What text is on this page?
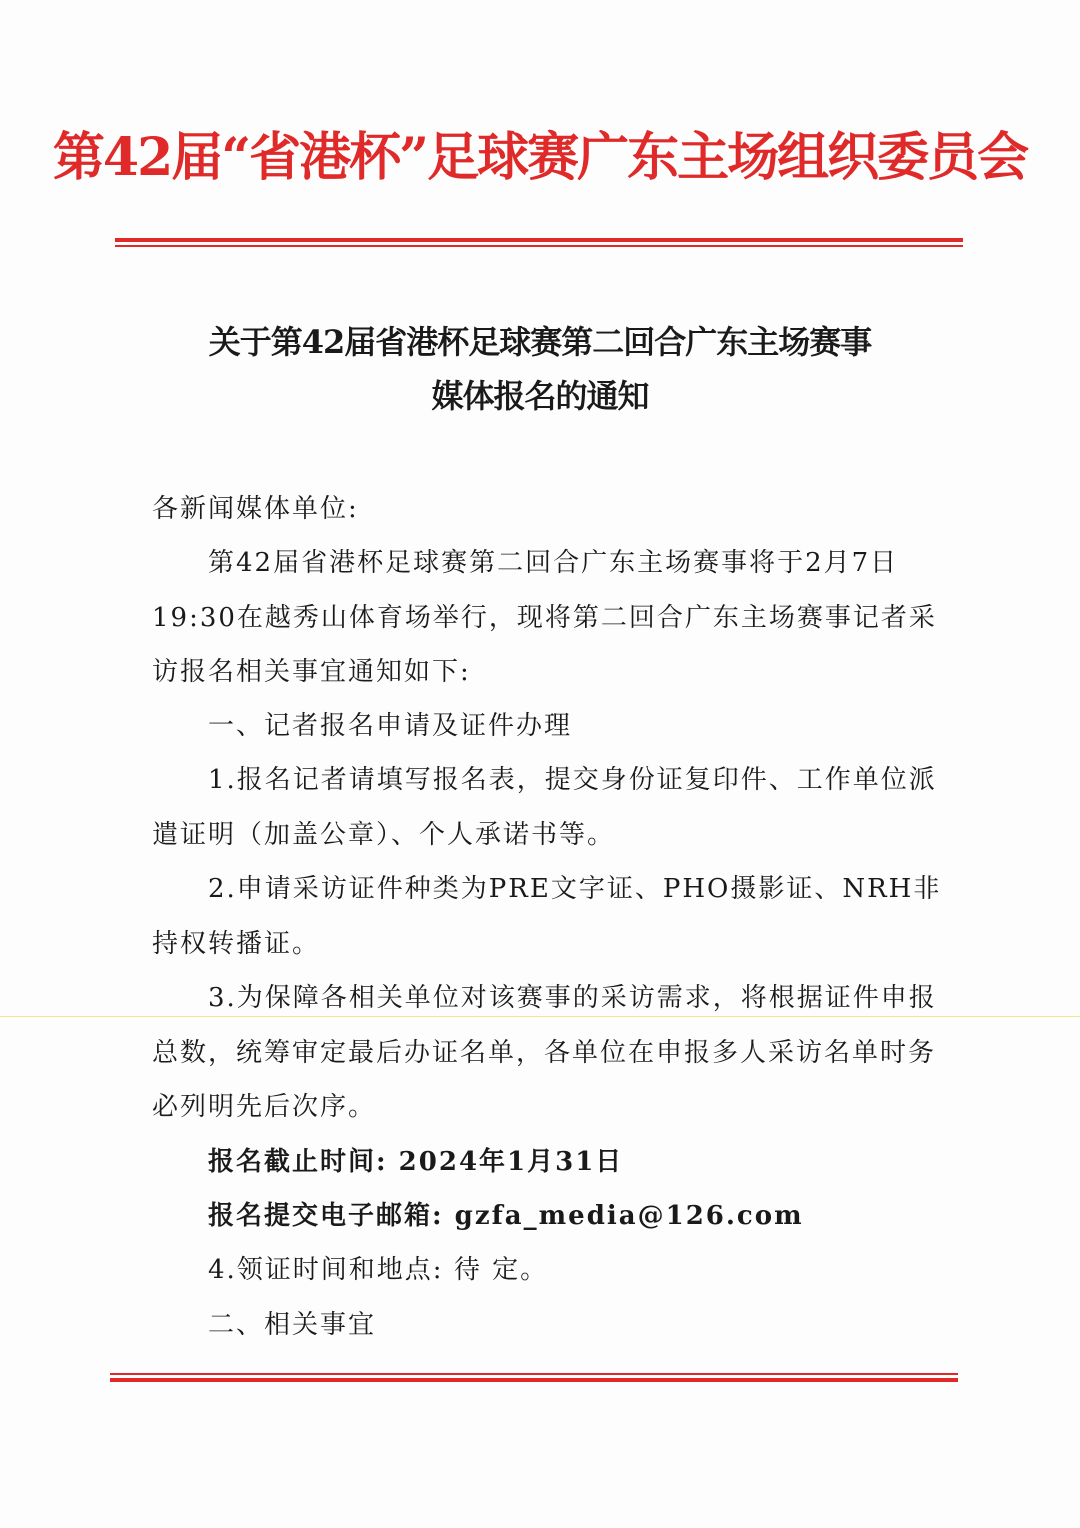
第42届“省港杯”足球赛广东主场组织委员会
关于第42届省港杯足球赛第二回合广东主场赛事
媒体报名的通知
各新闻媒体单位:
第42届省港杯足球赛第二回合广东主场赛事将于2月7日
19:30在越秀山体育场举行，现将第二回合广东主场赛事记者采
访报名相关事宜通知如下:
一、记者报名申请及证件办理
1.报名记者请填写报名表，提交身份证复印件、工作单位派
遣证明（加盖公章）、个人承诺书等。
2.申请采访证件种类为PRE文字证、PHO摄影证、NRH非
持权转播证。
3.为保障各相关单位对该赛事的采访需求，将根据证件申报
总数，统筹审定最后办证名单，各单位在申报多人采访名单时务
必列明先后次序。
报名截止时间: 2024年1月31日
报名提交电子邮箱: gzfa_media@126.com
4.领证时间和地点: 待 定。
二、相关事宜
